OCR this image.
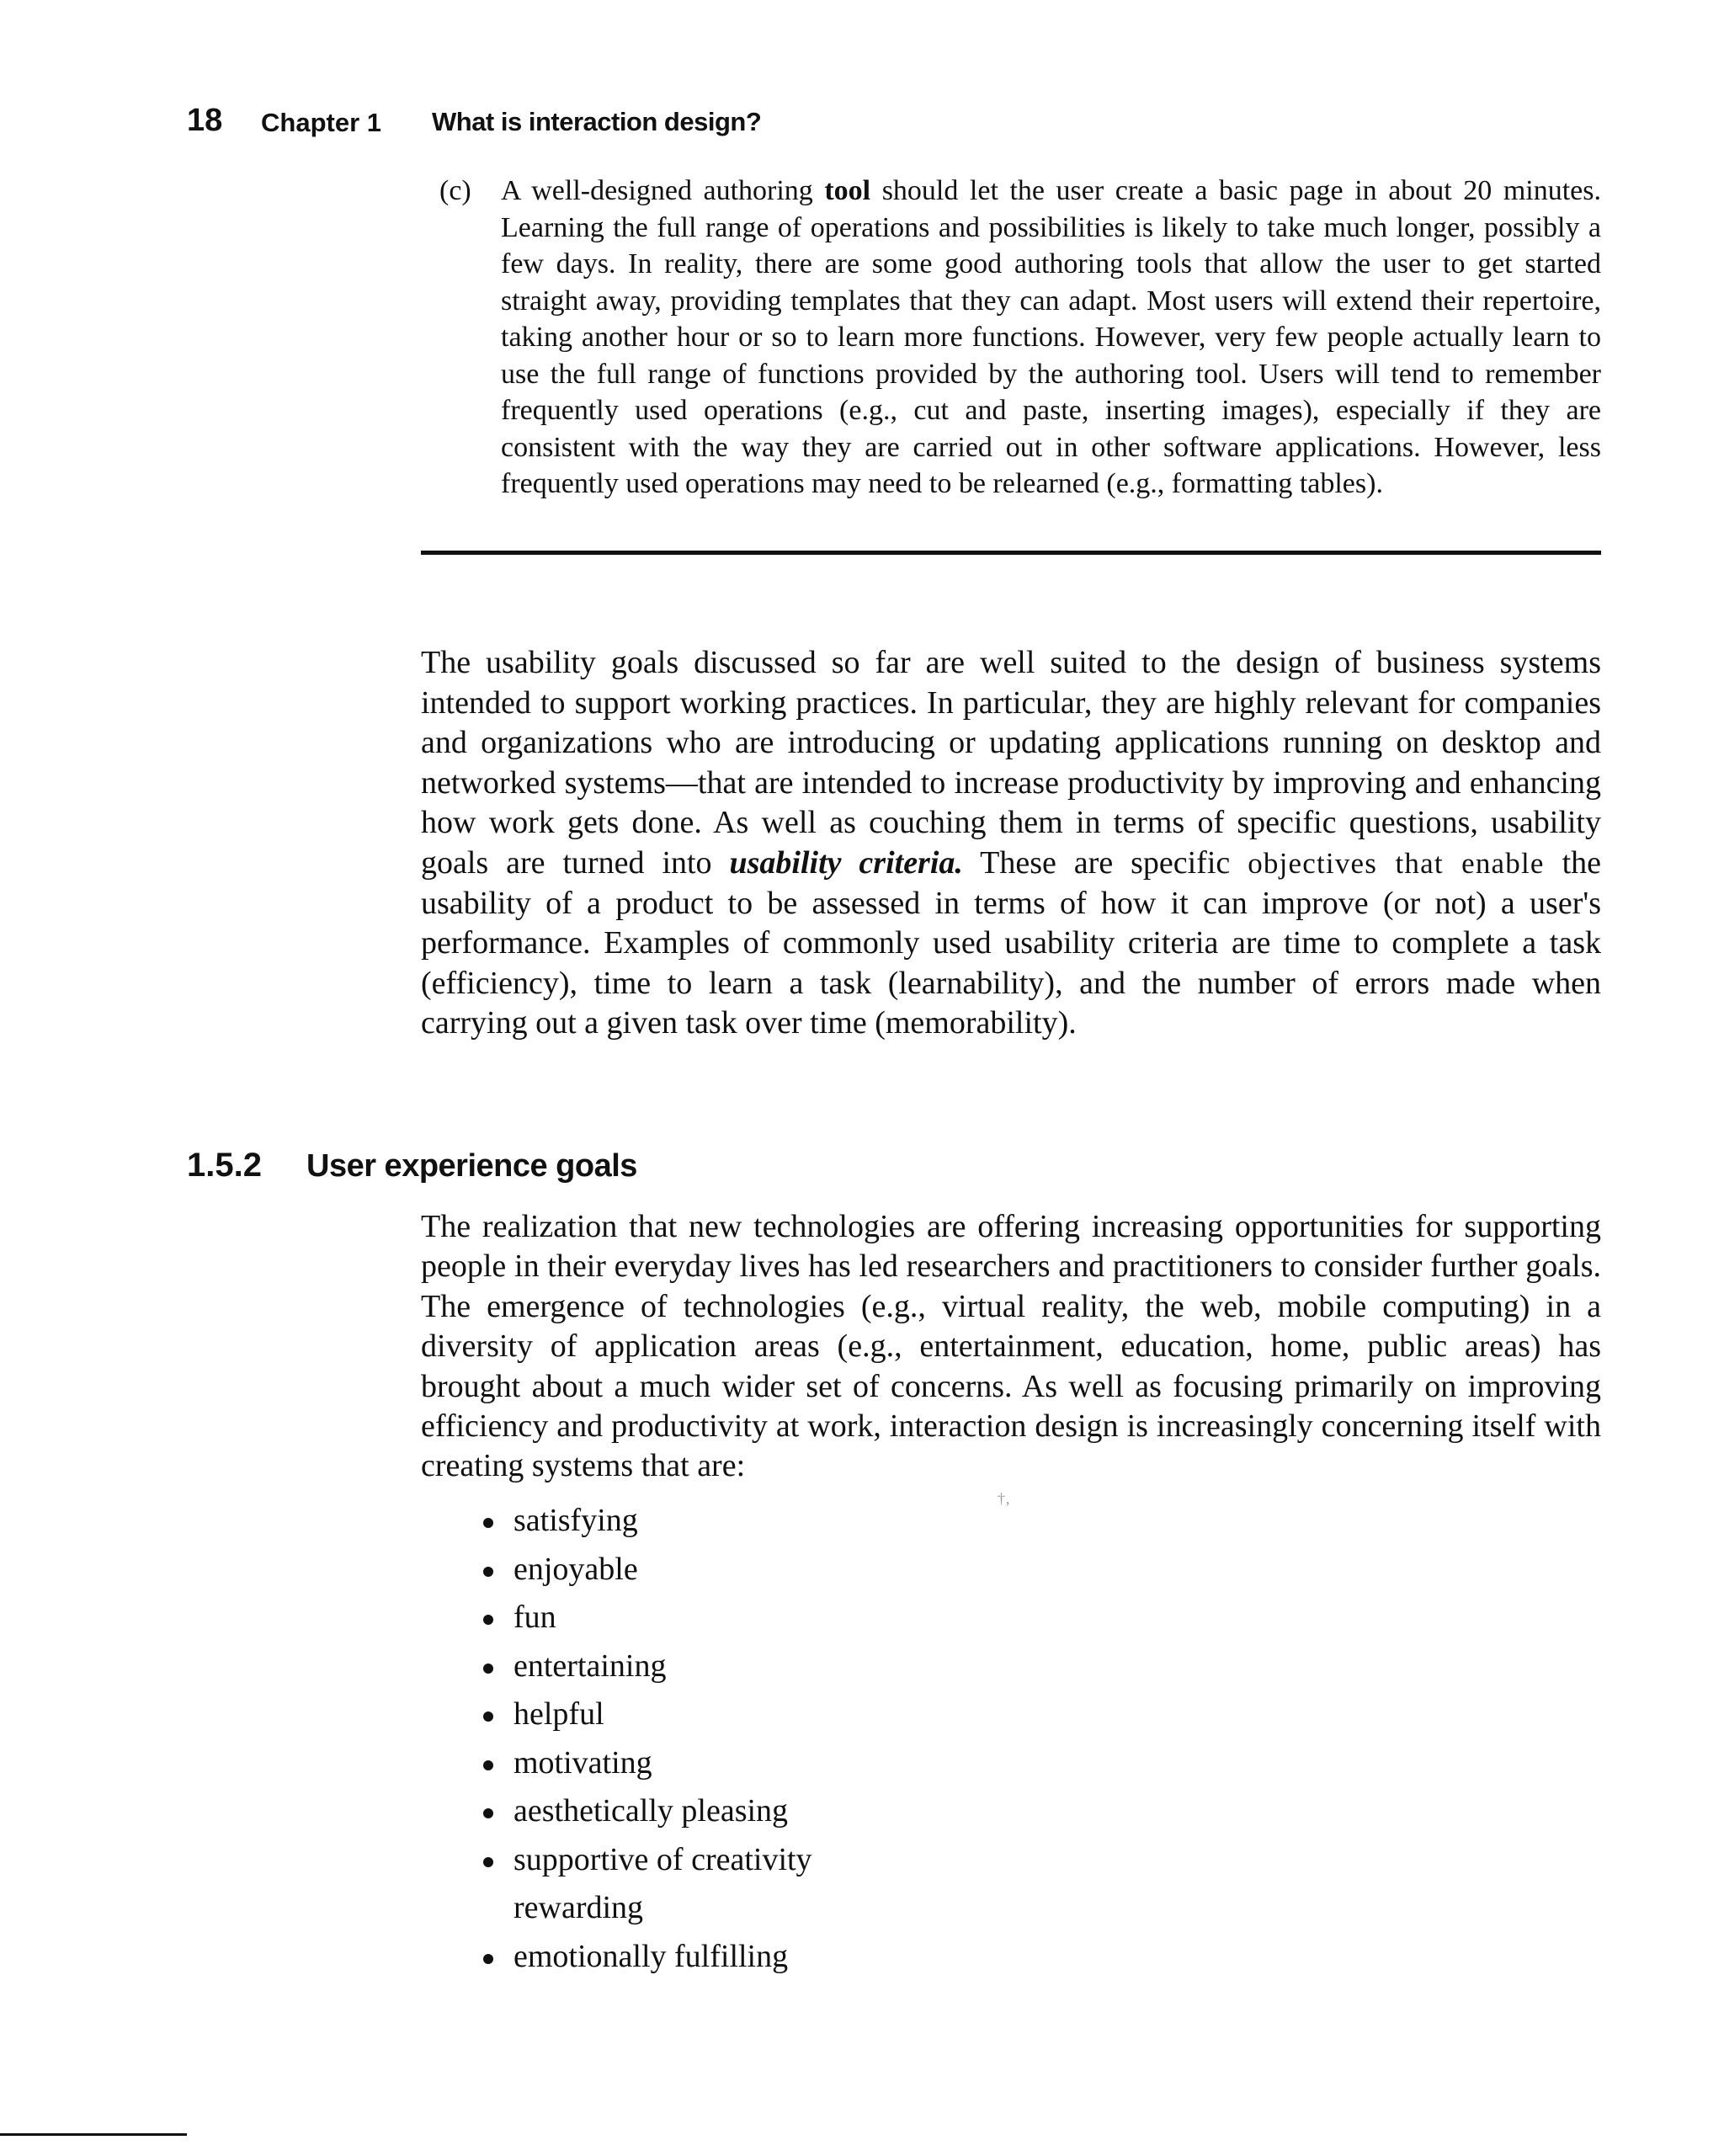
18 Chapter 1 What is interaction design?
(c) A well-designed authoring tool should let the user create a basic page in about 20 minutes. Learning the full range of operations and possibilities is likely to take much longer, possibly a few days. In reality, there are some good authoring tools that allow the user to get started straight away, providing templates that they can adapt. Most users will extend their repertoire, taking another hour or so to learn more functions. However, very few people actually learn to use the full range of functions provided by the authoring tool. Users will tend to remember frequently used operations (e.g., cut and paste, inserting images), especially if they are consistent with the way they are carried out in other software applications. However, less frequently used operations may need to be relearned (e.g., formatting tables).

The usability goals discussed so far are well suited to the design of business systems intended to support working practices. In particular, they are highly relevant for companies and organizations who are introducing or updating applications running on desktop and networked systems—that are intended to increase productivity by improving and enhancing how work gets done. As well as couching them in terms of specific questions, usability goals are turned into usability criteria. These are specific objectives that enable the usability of a product to be assessed in terms of how it can improve (or not) a user's performance. Examples of commonly used usability criteria are time to complete a task (efficiency), time to learn a task (learnability), and the number of errors made when carrying out a given task over time (memorability).

1.5.2 User experience goals

The realization that new technologies are offering increasing opportunities for supporting people in their everyday lives has led researchers and practitioners to consider further goals. The emergence of technologies (e.g., virtual reality, the web, mobile computing) in a diversity of application areas (e.g., entertainment, education, home, public areas) has brought about a much wider set of concerns. As well as focusing primarily on improving efficiency and productivity at work, interaction design is increasingly concerning itself with creating systems that are:

†‚
satisfying
enjoyable
fun
entertaining
helpful
motivating
aesthetically pleasing
supportive of creativity
rewarding
emotionally fulfilling
